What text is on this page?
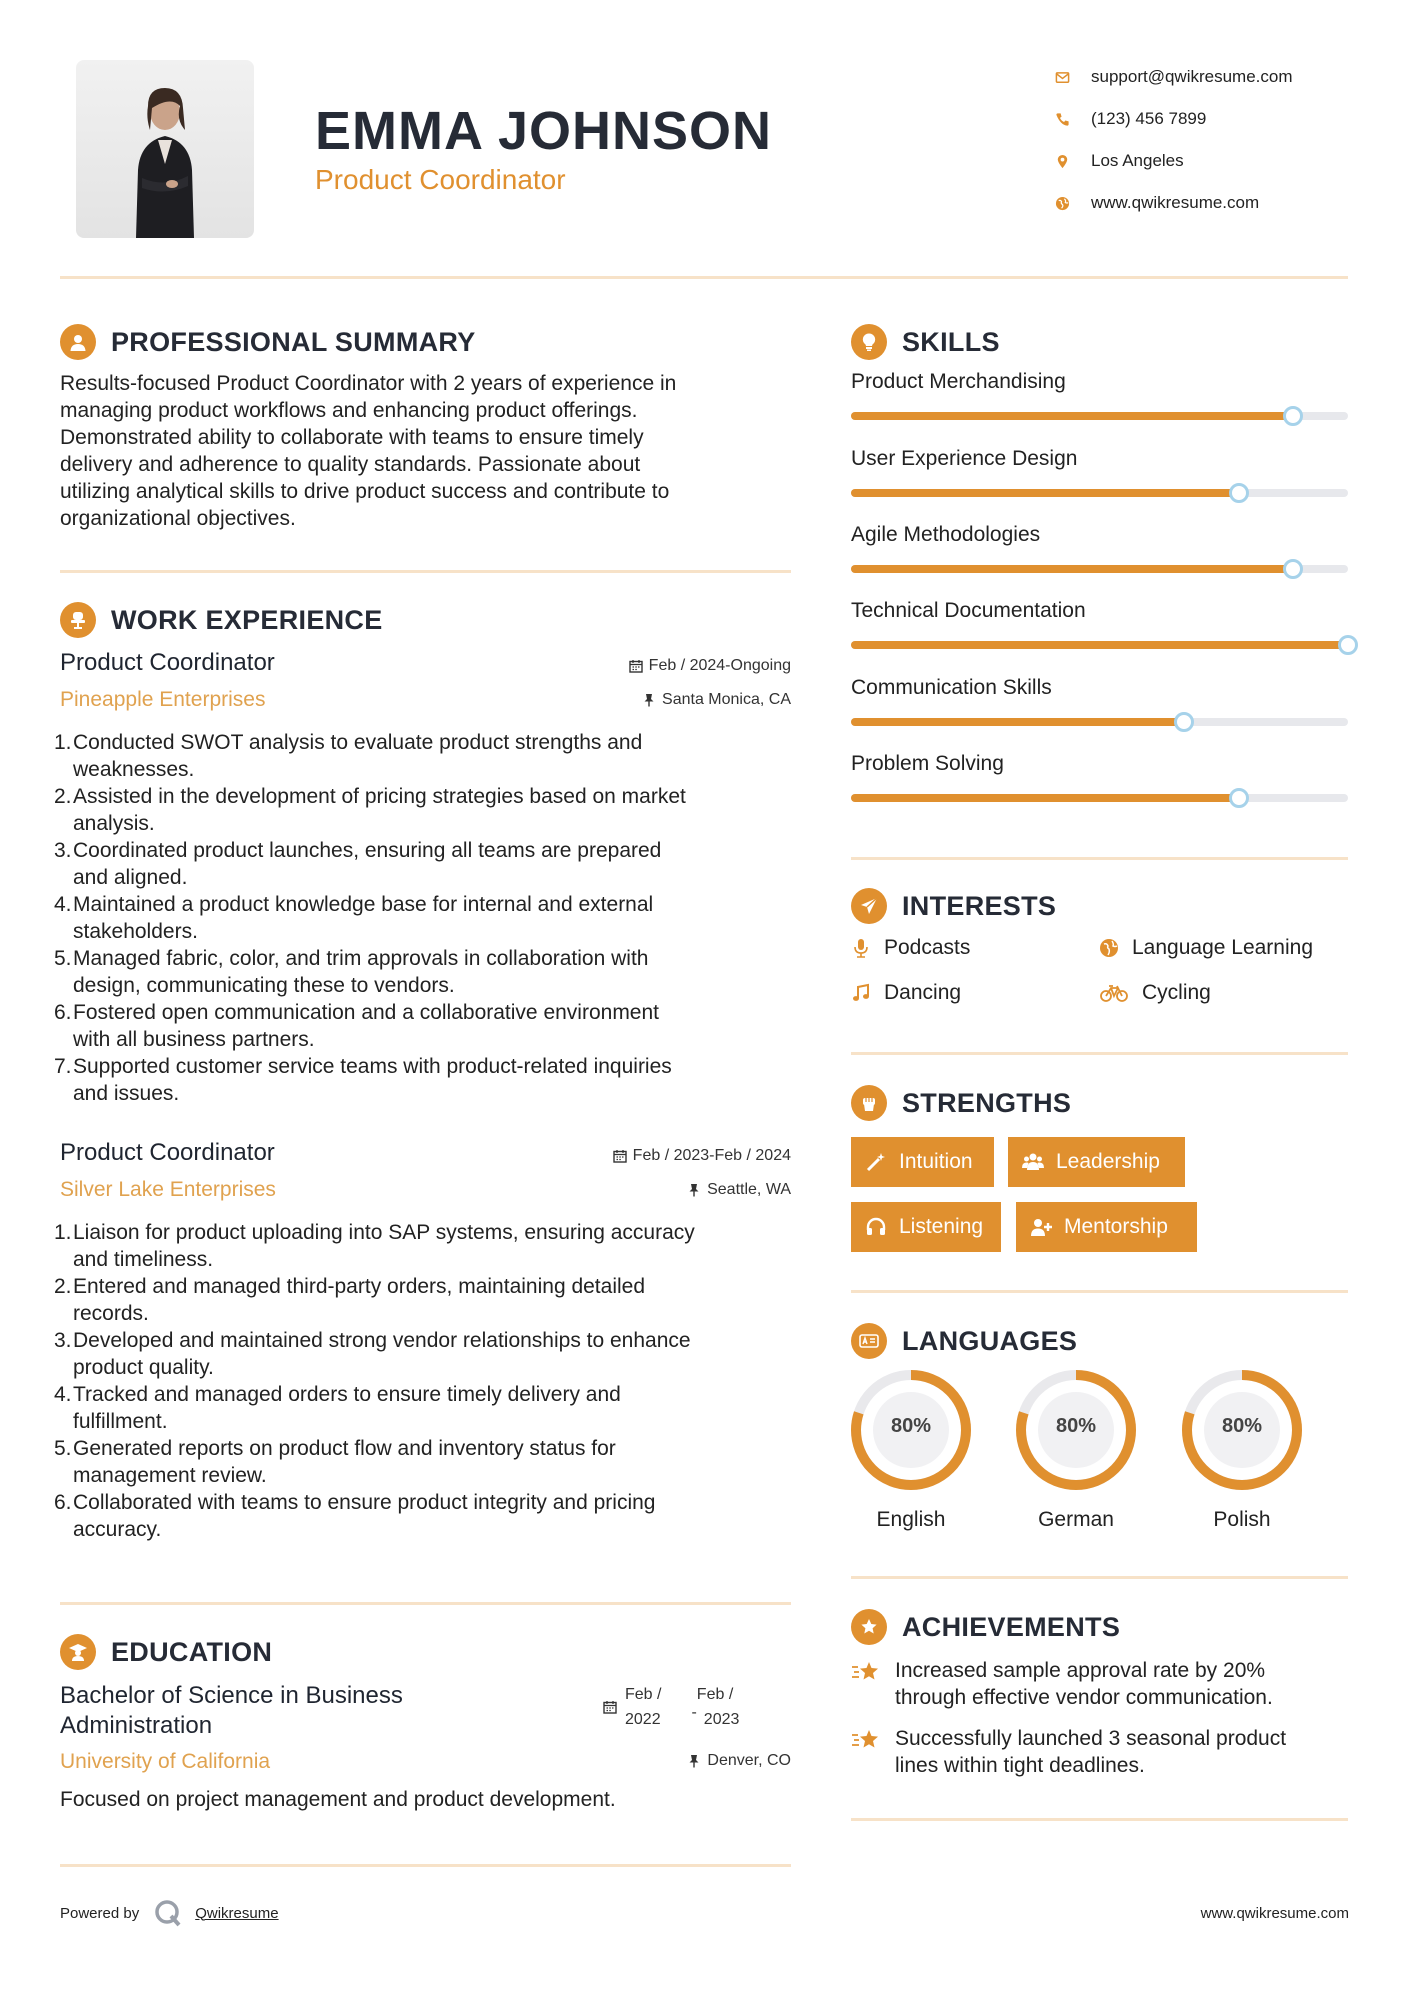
EMMA JOHNSON
Product Coordinator
support@qwikresume.com
(123) 456 7899
Los Angeles
www.qwikresume.com
PROFESSIONAL SUMMARY
Results-focused Product Coordinator with 2 years of experience in
managing product workflows and enhancing product offerings.
Demonstrated ability to collaborate with teams to ensure timely
delivery and adherence to quality standards. Passionate about
utilizing analytical skills to drive product success and contribute to
organizational objectives.
WORK EXPERIENCE
Product Coordinator	Feb / 2024-Ongoing
Pineapple Enterprises	Santa Monica, CA
1. Conducted SWOT analysis to evaluate product strengths and
weaknesses.
2. Assisted in the development of pricing strategies based on market
analysis.
3. Coordinated product launches, ensuring all teams are prepared
and aligned.
4. Maintained a product knowledge base for internal and external
stakeholders.
5. Managed fabric, color, and trim approvals in collaboration with
design, communicating these to vendors.
6. Fostered open communication and a collaborative environment
with all business partners.
7. Supported customer service teams with product-related inquiries
and issues.
Product Coordinator	Feb / 2023-Feb / 2024
Silver Lake Enterprises	Seattle, WA
1. Liaison for product uploading into SAP systems, ensuring accuracy
and timeliness.
2. Entered and managed third-party orders, maintaining detailed
records.
3. Developed and maintained strong vendor relationships to enhance
product quality.
4. Tracked and managed orders to ensure timely delivery and
fulfillment.
5. Generated reports on product flow and inventory status for
management review.
6. Collaborated with teams to ensure product integrity and pricing
accuracy.
EDUCATION
Bachelor of Science in Business
Administration
Feb /
2022 -
Feb /
2023
University of California	Denver, CO
Focused on project management and product development.
SKILLS
Product Merchandising
User Experience Design
Agile Methodologies
Technical Documentation
Communication Skills
Problem Solving
INTERESTS
Podcasts	Language Learning
Dancing	Cycling
STRENGTHS
Intuition	Leadership
Listening	Mentorship
LANGUAGES
80%
English
80%
German
80%
Polish
ACHIEVEMENTS
Increased sample approval rate by 20%
through effective vendor communication.
Successfully launched 3 seasonal product
lines within tight deadlines.
Powered by	Qwikresume	www.qwikresume.com
